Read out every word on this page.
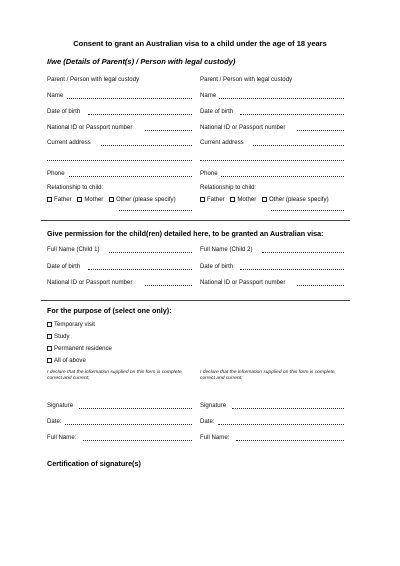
Consent to grant an Australian visa to a child under the age of 18 years
I/we (Details of Parent(s) / Person with legal custody)
Parent / Person with legal custody
Name
Date of birth
National ID or Passport number
Current address
Phone
Relationship to child:
Father Mother Other (please specify)
Parent / Person with legal custody
Name
Date of birth
National ID or Passport number
Current address
Phone
Relationship to child:
Father Mother Other (please specify)
Give permission for the child(ren) detailed here, to be granted an Australian visa:
Full Name (Child 1)
Date of birth
National ID or Passport number
Full Name (Child 2)
Date of birth
National ID or Passport number
For the purpose of (select one only):
Temporary visit
Study
Permanent residence
All of above
I declare that the information supplied on this form is complete, correct and current;
I declare that the information supplied on this form is complete, correct and current;
Signature
Date:
Full Name:
Signature
Date:
Full Name:
Certification of signature(s)
